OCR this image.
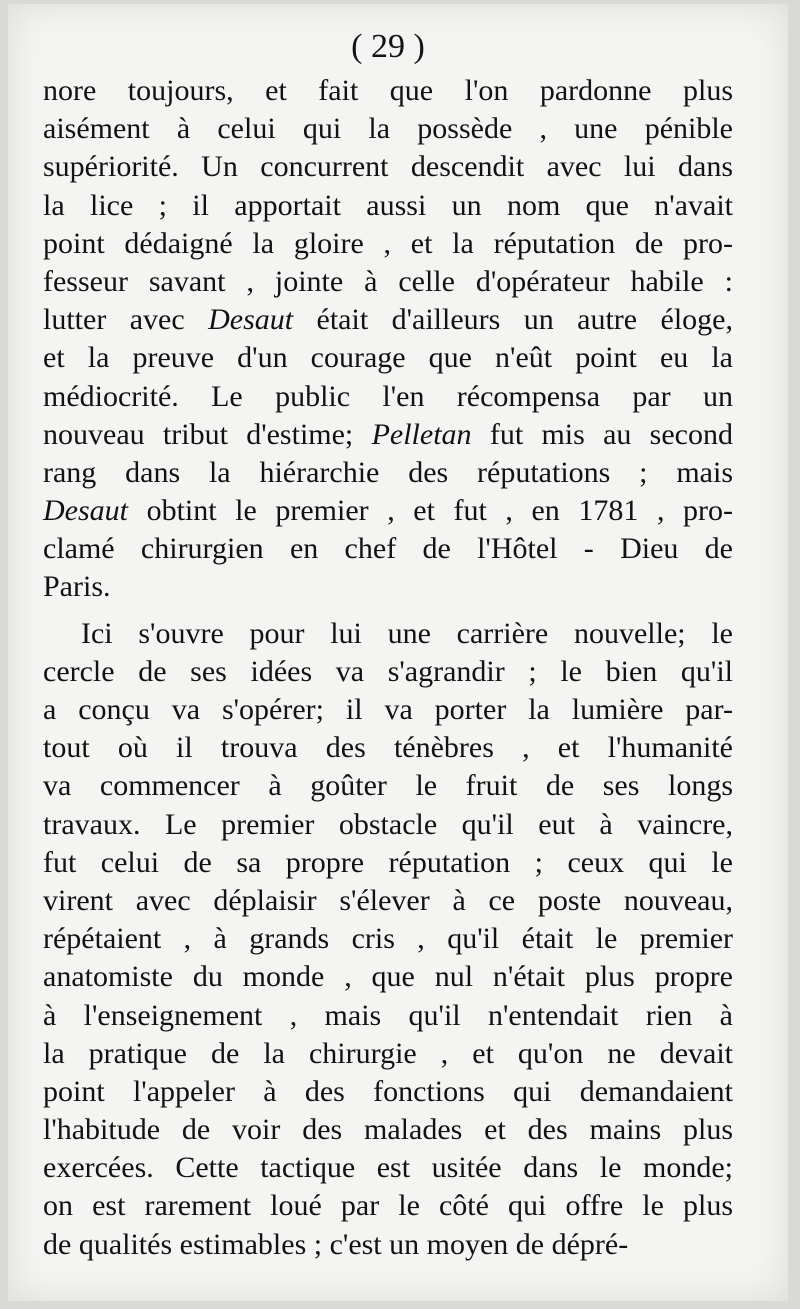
( 29 )
nore toujours, et fait que l'on pardonne plus
aisément à celui qui la possède , une pénible
supériorité. Un concurrent descendit avec lui dans
la lice ; il apportait aussi un nom que n'avait
point dédaigné la gloire , et la réputation de pro-
fesseur savant , jointe à celle d'opérateur habile :
lutter avec Desaut était d'ailleurs un autre éloge,
et la preuve d'un courage que n'eût point eu la
médiocrité. Le public l'en récompensa par un
nouveau tribut d'estime; Pelletan fut mis au second
rang dans la hiérarchie des réputations ; mais
Desaut obtint le premier , et fut , en 1781 , pro-
clamé chirurgien en chef de l'Hôtel - Dieu de
Paris.
Ici s'ouvre pour lui une carrière nouvelle; le
cercle de ses idées va s'agrandir ; le bien qu'il
a conçu va s'opérer; il va porter la lumière par-
tout où il trouva des ténèbres , et l'humanité
va commencer à goûter le fruit de ses longs
travaux. Le premier obstacle qu'il eut à vaincre,
fut celui de sa propre réputation ; ceux qui le
virent avec déplaisir s'élever à ce poste nouveau,
répétaient , à grands cris , qu'il était le premier
anatomiste du monde , que nul n'était plus propre
à l'enseignement , mais qu'il n'entendait rien à
la pratique de la chirurgie , et qu'on ne devait
point l'appeler à des fonctions qui demandaient
l'habitude de voir des malades et des mains plus
exercées. Cette tactique est usitée dans le monde;
on est rarement loué par le côté qui offre le plus
de qualités estimables ; c'est un moyen de dépré-
